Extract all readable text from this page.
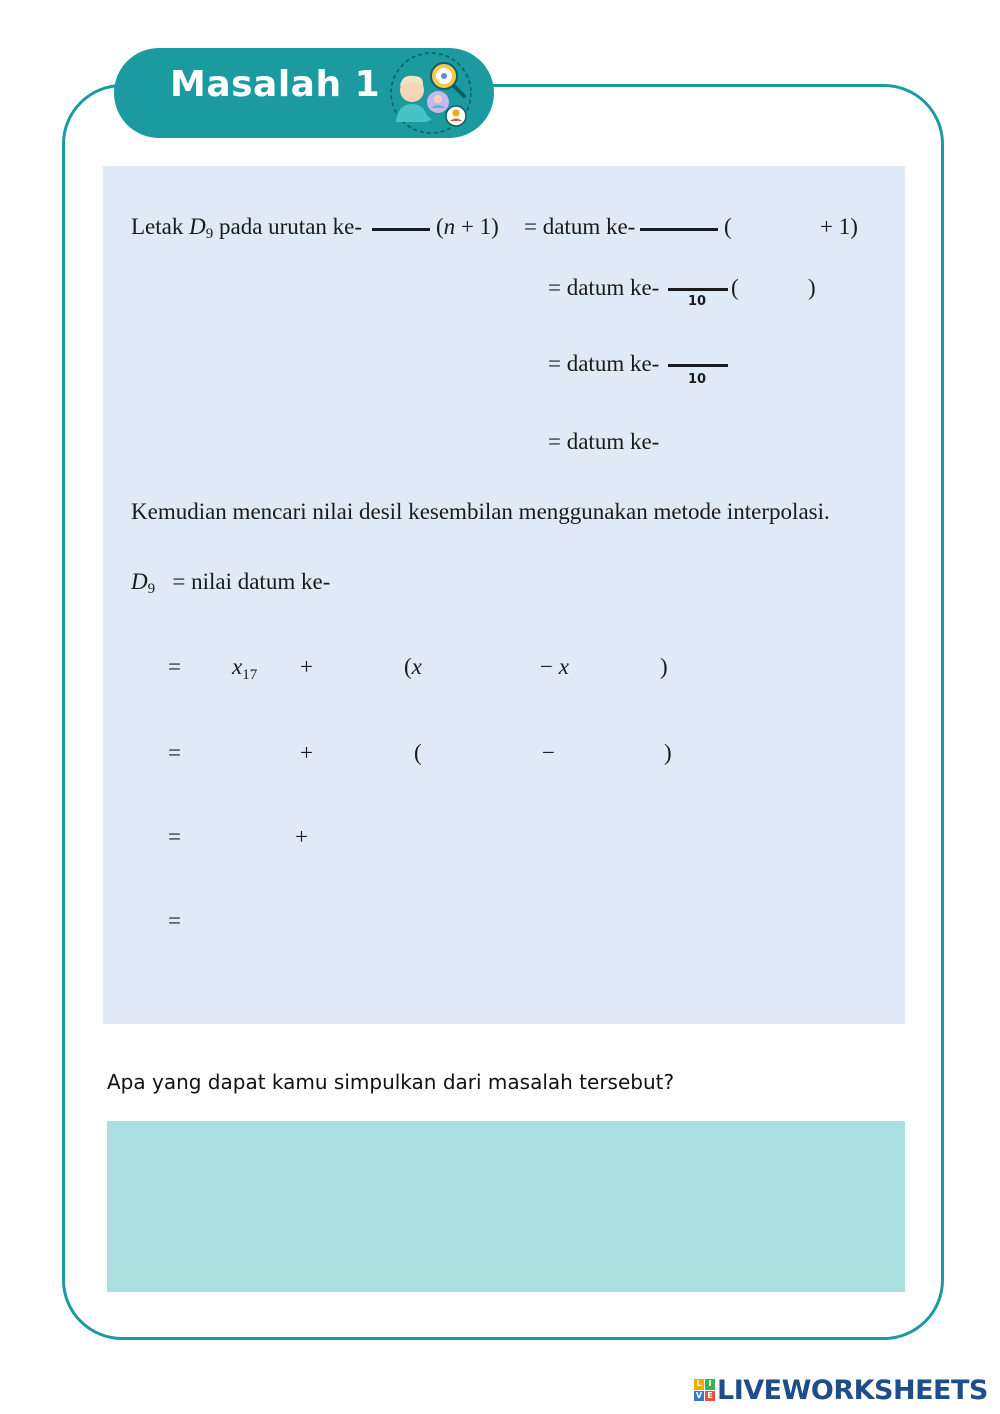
Masalah 1
Letak $D_9$ pada urutan ke-	(n + 1) = datum ke-	(	+ 1)
= datum ke-
10
(	)
= datum ke-
10
= datum ke-
Kemudian mencari nilai desil kesembilan menggunakan metode interpolasi.
$D_9$ = nilai datum ke-
= $x_{17}$ +	(x	− x	)
=	+	(	−	)
=	+
=
Apa yang dapat kamu simpulkan dari masalah tersebut?
L I
V E LIVEWORKSHEETS
